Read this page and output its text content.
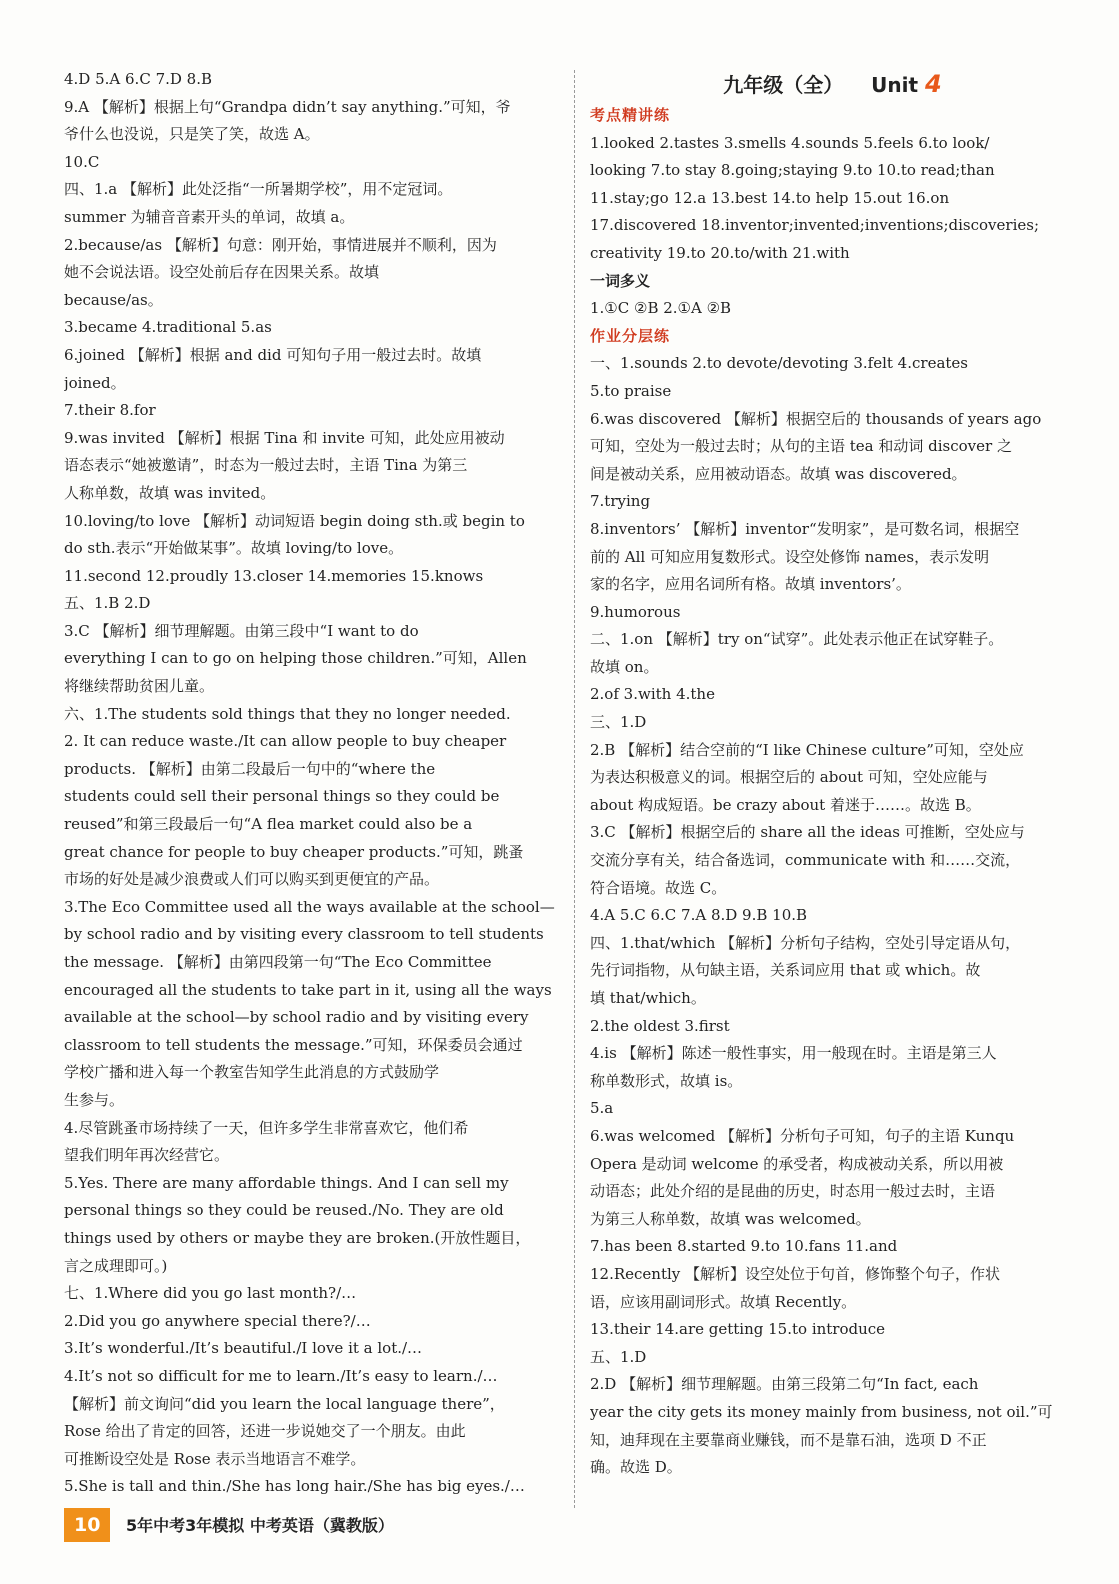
4.D 5.A 6.C 7.D 8.B
9.A 【解析】根据上句“Grandpa didn’t say anything.”可知，爷
爷什么也没说，只是笑了笑，故选 A。
10.C
四、1.a 【解析】此处泛指“一所暑期学校”，用不定冠词。
summer 为辅音音素开头的单词，故填 a。
2.because/as 【解析】句意：刚开始，事情进展并不顺利，因为
她不会说法语。设空处前后存在因果关系。故填
because/as。
3.became 4.traditional 5.as
6.joined 【解析】根据 and did 可知句子用一般过去时。故填
joined。
7.their 8.for
9.was invited 【解析】根据 Tina 和 invite 可知，此处应用被动
语态表示“她被邀请”，时态为一般过去时，主语 Tina 为第三
人称单数，故填 was invited。
10.loving/to love 【解析】动词短语 begin doing sth.或 begin to
do sth.表示“开始做某事”。故填 loving/to love。
11.second 12.proudly 13.closer 14.memories 15.knows
五、1.B 2.D
3.C 【解析】细节理解题。由第三段中“I want to do
everything I can to go on helping those children.”可知，Allen
将继续帮助贫困儿童。
六、1.The students sold things that they no longer needed.
2. It can reduce waste./It can allow people to buy cheaper
products. 【解析】由第二段最后一句中的“where the
students could sell their personal things so they could be
reused”和第三段最后一句“A flea market could also be a
great chance for people to buy cheaper products.”可知，跳蚤
市场的好处是减少浪费或人们可以购买到更便宜的产品。
3.The Eco Committee used all the ways available at the school—
by school radio and by visiting every classroom to tell students
the message. 【解析】由第四段第一句“The Eco Committee
encouraged all the students to take part in it, using all the ways
available at the school—by school radio and by visiting every
classroom to tell students the message.”可知，环保委员会通过
学校广播和进入每一个教室告知学生此消息的方式鼓励学
生参与。
4.尽管跳蚤市场持续了一天，但许多学生非常喜欢它，他们希
望我们明年再次经营它。
5.Yes. There are many affordable things. And I can sell my
personal things so they could be reused./No. They are old
things used by others or maybe they are broken.(开放性题目，
言之成理即可。)
七、1.Where did you go last month?/…
2.Did you go anywhere special there?/…
3.It’s wonderful./It’s beautiful./I love it a lot./…
4.It’s not so difficult for me to learn./It’s easy to learn./…
【解析】前文询问“did you learn the local language there”，
Rose 给出了肯定的回答，还进一步说她交了一个朋友。由此
可推断设空处是 Rose 表示当地语言不难学。
5.She is tall and thin./She has long hair./She has big eyes./…
九年级（全） Unit 4
考点精讲练
1.looked 2.tastes 3.smells 4.sounds 5.feels 6.to look/
looking 7.to stay 8.going;staying 9.to 10.to read;than
11.stay;go 12.a 13.best 14.to help 15.out 16.on
17.discovered 18.inventor;invented;inventions;discoveries;
creativity 19.to 20.to/with 21.with
一词多义
1.①C ②B 2.①A ②B
作业分层练
一、1.sounds 2.to devote/devoting 3.felt 4.creates
5.to praise
6.was discovered 【解析】根据空后的 thousands of years ago
可知，空处为一般过去时；从句的主语 tea 和动词 discover 之
间是被动关系，应用被动语态。故填 was discovered。
7.trying
8.inventors’ 【解析】inventor“发明家”，是可数名词，根据空
前的 All 可知应用复数形式。设空处修饰 names，表示发明
家的名字，应用名词所有格。故填 inventors’。
9.humorous
二、1.on 【解析】try on“试穿”。此处表示他正在试穿鞋子。
故填 on。
2.of 3.with 4.the
三、1.D
2.B 【解析】结合空前的“I like Chinese culture”可知，空处应
为表达积极意义的词。根据空后的 about 可知，空处应能与
about 构成短语。be crazy about 着迷于……。故选 B。
3.C 【解析】根据空后的 share all the ideas 可推断，空处应与
交流分享有关，结合备选词，communicate with 和……交流，
符合语境。故选 C。
4.A 5.C 6.C 7.A 8.D 9.B 10.B
四、1.that/which 【解析】分析句子结构，空处引导定语从句，
先行词指物，从句缺主语，关系词应用 that 或 which。故
填 that/which。
2.the oldest 3.first
4.is 【解析】陈述一般性事实，用一般现在时。主语是第三人
称单数形式，故填 is。
5.a
6.was welcomed 【解析】分析句子可知，句子的主语 Kunqu
Opera 是动词 welcome 的承受者，构成被动关系，所以用被
动语态；此处介绍的是昆曲的历史，时态用一般过去时，主语
为第三人称单数，故填 was welcomed。
7.has been 8.started 9.to 10.fans 11.and
12.Recently 【解析】设空处位于句首，修饰整个句子，作状
语，应该用副词形式。故填 Recently。
13.their 14.are getting 15.to introduce
五、1.D
2.D 【解析】细节理解题。由第三段第二句“In fact, each
year the city gets its money mainly from business, not oil.”可
知，迪拜现在主要靠商业赚钱，而不是靠石油，选项 D 不正
确。故选 D。
10 5年中考3年模拟 中考英语（冀教版）
